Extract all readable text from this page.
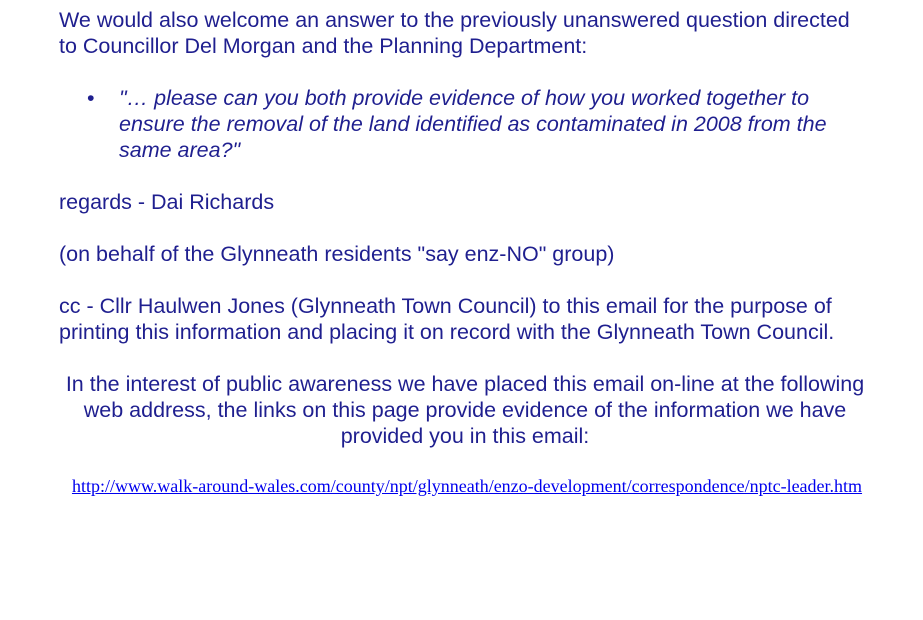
We would also welcome an answer to the previously unanswered question directed to Councillor Del Morgan and the Planning Department:

•	"… please can you both provide evidence of how you worked together to ensure the removal of the land identified as contaminated in 2008 from the same area?"

regards - Dai Richards

(on behalf of the Glynneath residents "say enz-NO" group)

cc - Cllr Haulwen Jones (Glynneath Town Council) to this email for the purpose of printing this information and placing it on record with the Glynneath Town Council.

In the interest of public awareness we have placed this email on-line at the following web address, the links on this page provide evidence of the information we have provided you in this email:

http://www.walk-around-wales.com/county/npt/glynneath/enzo-development/correspondence/nptc-leader.htm
